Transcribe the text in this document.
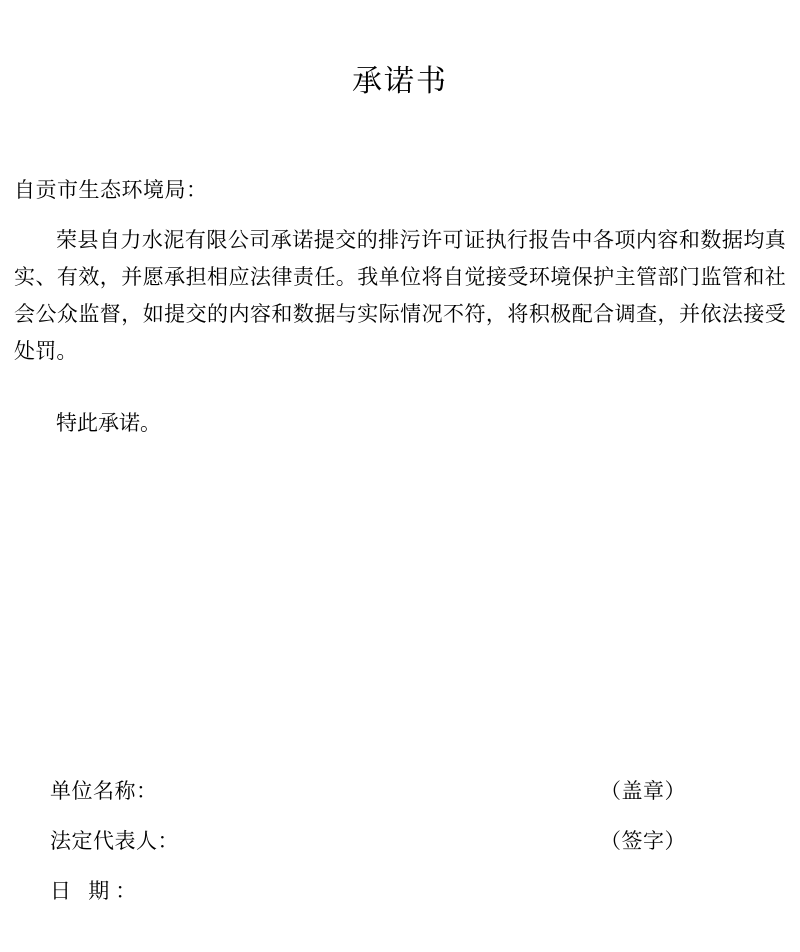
承诺书
自贡市生态环境局：

荣县自力水泥有限公司承诺提交的排污许可证执行报告中各项内容和数据均真实、有效，并愿承担相应法律责任。我单位将自觉接受环境保护主管部门监管和社会公众监督，如提交的内容和数据与实际情况不符，将积极配合调查，并依法接受处罚。

特此承诺。

单位名称：	（盖章）
法定代表人：	（签字）
日 期：
